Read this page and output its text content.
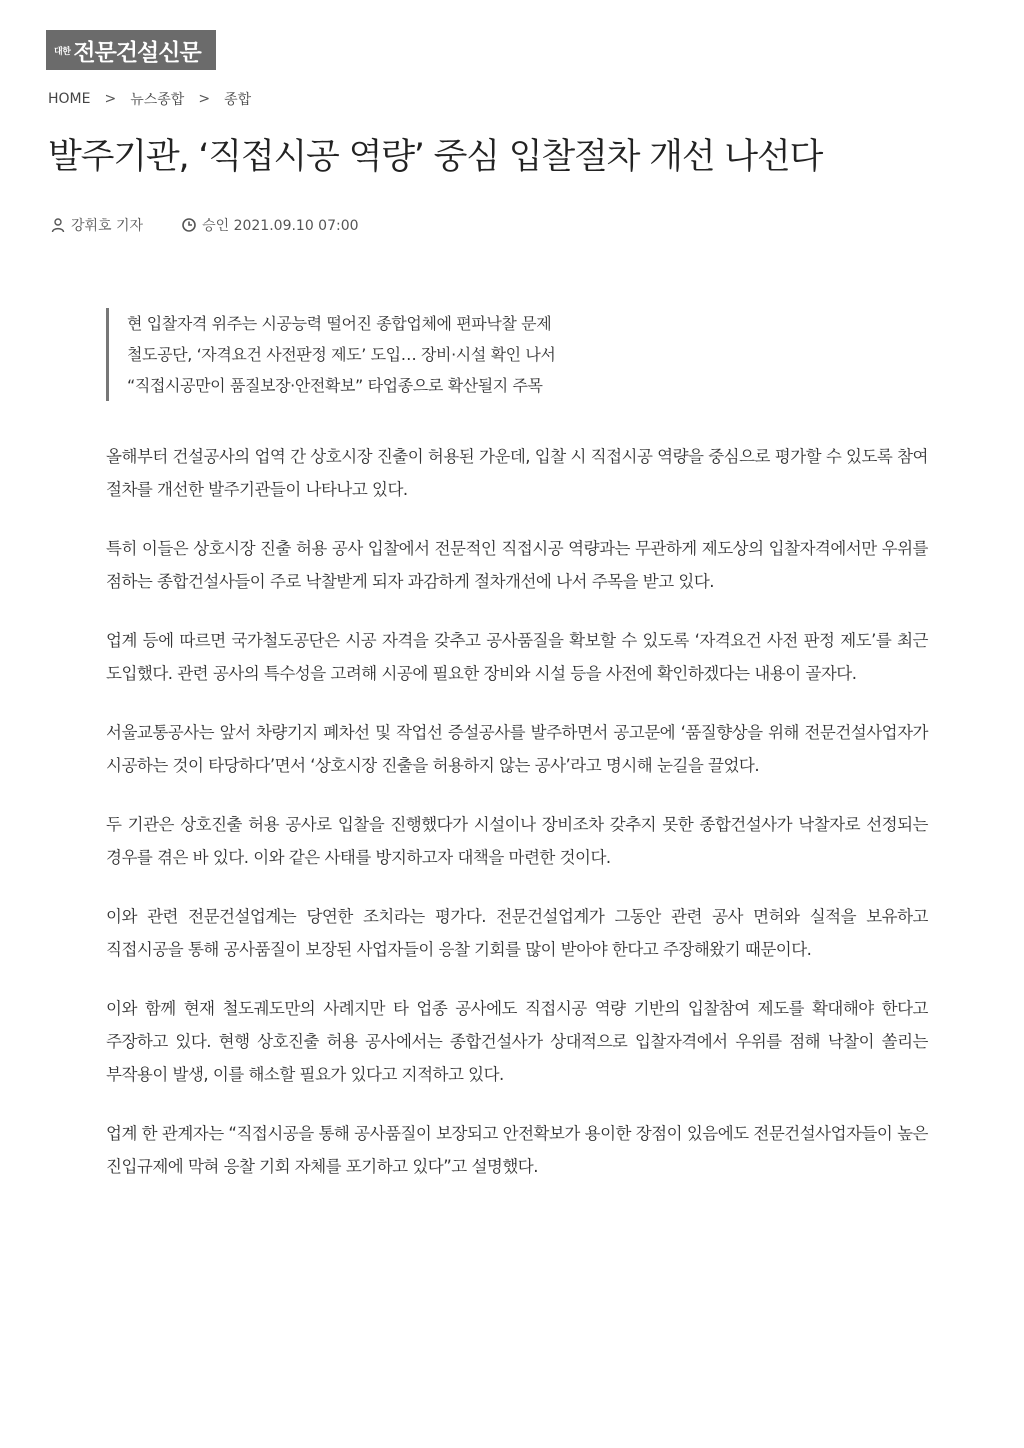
대한 전문건설신문
HOME > 뉴스종합 > 종합
발주기관, ‘직접시공 역량’ 중심 입찰절차 개선 나선다
강휘호 기자	승인 2021.09.10 07:00
현 입찰자격 위주는 시공능력 떨어진 종합업체에 편파낙찰 문제
철도공단, ‘자격요건 사전판정 제도’ 도입… 장비·시설 확인 나서
“직접시공만이 품질보장·안전확보” 타업종으로 확산될지 주목

올해부터 건설공사의 업역 간 상호시장 진출이 허용된 가운데, 입찰 시 직접시공 역량을 중심으로 평가할 수 있도록 참여 절차를 개선한 발주기관들이 나타나고 있다.

특히 이들은 상호시장 진출 허용 공사 입찰에서 전문적인 직접시공 역량과는 무관하게 제도상의 입찰자격에서만 우위를 점하는 종합건설사들이 주로 낙찰받게 되자 과감하게 절차개선에 나서 주목을 받고 있다.

업계 등에 따르면 국가철도공단은 시공 자격을 갖추고 공사품질을 확보할 수 있도록 ‘자격요건 사전 판정 제도’를 최근 도입했다. 관련 공사의 특수성을 고려해 시공에 필요한 장비와 시설 등을 사전에 확인하겠다는 내용이 골자다.

서울교통공사는 앞서 차량기지 폐차선 및 작업선 증설공사를 발주하면서 공고문에 ‘품질향상을 위해 전문건설사업자가 시공하는 것이 타당하다’면서 ‘상호시장 진출을 허용하지 않는 공사’라고 명시해 눈길을 끌었다.

두 기관은 상호진출 허용 공사로 입찰을 진행했다가 시설이나 장비조차 갖추지 못한 종합건설사가 낙찰자로 선정되는 경우를 겪은 바 있다. 이와 같은 사태를 방지하고자 대책을 마련한 것이다.

이와 관련 전문건설업계는 당연한 조치라는 평가다. 전문건설업계가 그동안 관련 공사 면허와 실적을 보유하고 직접시공을 통해 공사품질이 보장된 사업자들이 응찰 기회를 많이 받아야 한다고 주장해왔기 때문이다.

이와 함께 현재 철도궤도만의 사례지만 타 업종 공사에도 직접시공 역량 기반의 입찰참여 제도를 확대해야 한다고 주장하고 있다. 현행 상호진출 허용 공사에서는 종합건설사가 상대적으로 입찰자격에서 우위를 점해 낙찰이 쏠리는 부작용이 발생, 이를 해소할 필요가 있다고 지적하고 있다.

업계 한 관계자는 “직접시공을 통해 공사품질이 보장되고 안전확보가 용이한 장점이 있음에도 전문건설사업자들이 높은 진입규제에 막혀 응찰 기회 자체를 포기하고 있다”고 설명했다.
